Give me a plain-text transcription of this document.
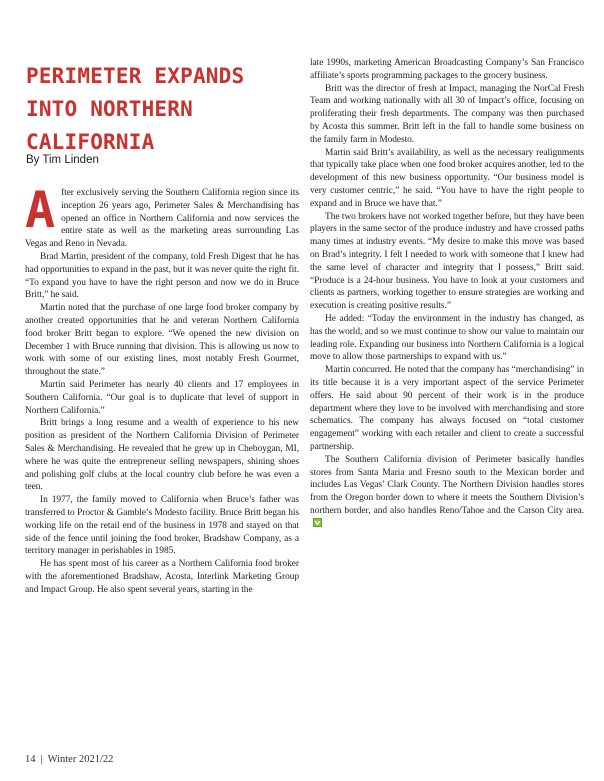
PERIMETER EXPANDS INTO NORTHERN CALIFORNIA
By Tim Linden

After exclusively serving the Southern California region since its inception 26 years ago, Perimeter Sales & Merchandising has opened an office in Northern California and now services the entire state as well as the marketing areas surrounding Las Vegas and Reno in Nevada.

Brad Martin, president of the company, told Fresh Digest that he has had opportunities to expand in the past, but it was never quite the right fit. “To expand you have to have the right person and now we do in Bruce Britt,” he said.

Martin noted that the purchase of one large food broker company by another created opportunities that he and veteran Northern California food broker Britt began to explore. “We opened the new division on December 1 with Bruce running that division. This is allowing us now to work with some of our existing lines, most notably Fresh Gourmet, throughout the state.”

Martin said Perimeter has nearly 40 clients and 17 employees in Southern California. “Our goal is to duplicate that level of support in Northern California.”

Britt brings a long resume and a wealth of experience to his new position as president of the Northern California Division of Perimeter Sales & Merchandising. He revealed that he grew up in Cheboygan, MI, where he was quite the entrepreneur selling newspapers, shining shoes and polishing golf clubs at the local country club before he was even a teen.

In 1977, the family moved to California when Bruce’s father was transferred to Proctor & Gamble’s Modesto facility. Bruce Britt began his working life on the retail end of the business in 1978 and stayed on that side of the fence until joining the food broker, Bradshaw Company, as a territory manager in perishables in 1985.

He has spent most of his career as a Northern California food broker with the aforementioned Bradshaw, Acosta, Interlink Marketing Group and Impact Group. He also spent several years, starting in the

late 1990s, marketing American Broadcasting Company’s San Francisco affiliate’s sports programming packages to the grocery business.

Britt was the director of fresh at Impact, managing the NorCal Fresh Team and working nationally with all 30 of Impact’s office, focusing on proliferating their fresh departments. The company was then purchased by Acosta this summer. Britt left in the fall to handle some business on the family farm in Modesto.

Martin said Britt’s availability, as well as the necessary realignments that typically take place when one food broker acquires another, led to the development of this new business opportunity. “Our business model is very customer centric,” he said. “You have to have the right people to expand and in Bruce we have that.”

The two brokers have not worked together before, but they have been players in the same sector of the produce industry and have crossed paths many times at industry events. “My desire to make this move was based on Brad’s integrity. I felt I needed to work with someone that I knew had the same level of character and integrity that I possess,” Britt said. “Produce is a 24-hour business. You have to look at your customers and clients as partners, working together to ensure strategies are working and execution is creating positive results.”

He added: “Today the environment in the industry has changed, as has the world, and so we must continue to show our value to maintain our leading role. Expanding our business into Northern California is a logical move to allow those partnerships to expand with us.”

Martin concurred. He noted that the company has “merchandising” in its title because it is a very important aspect of the service Perimeter offers. He said about 90 percent of their work is in the produce department where they love to be involved with merchandising and store schematics. The company has always focused on “total customer engagement” working with each retailer and client to create a successful partnership.

The Southern California division of Perimeter basically handles stores from Santa Maria and Fresno south to the Mexican border and includes Las Vegas’ Clark County. The Northern Division handles stores from the Oregon border down to where it meets the Southern Division’s northern border, and also handles Reno/Tahoe and the Carson City area.

14 | Winter 2021/22
